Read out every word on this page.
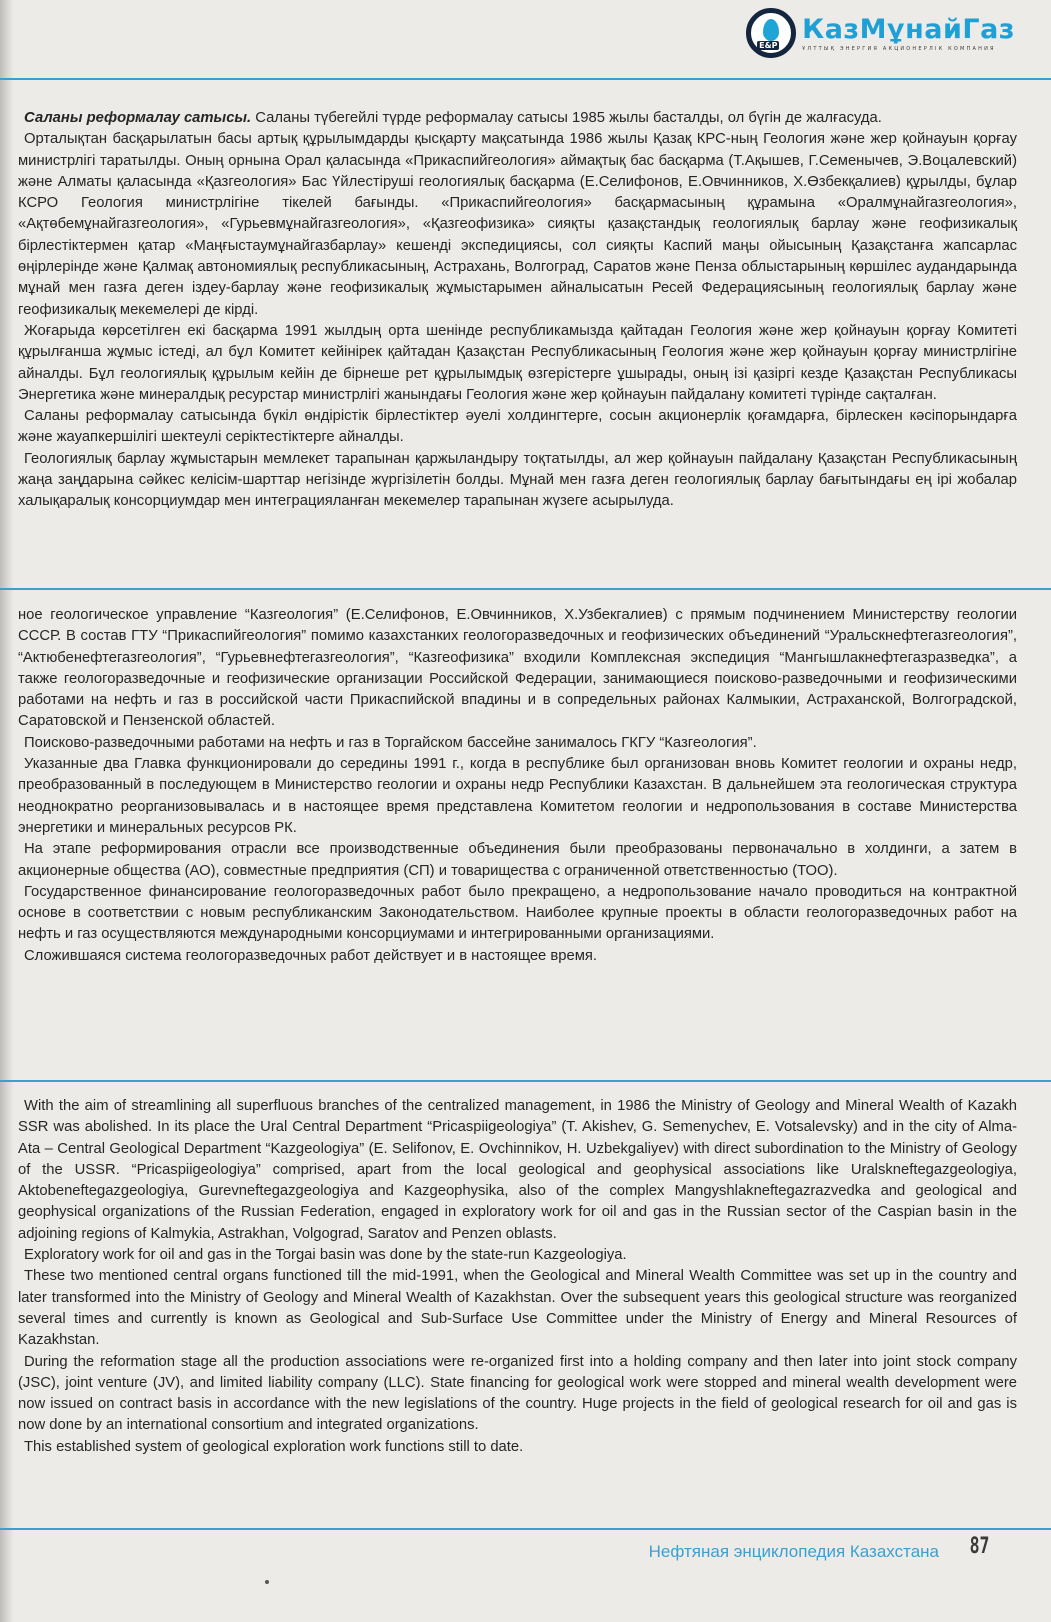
E&P
КазМұнайГаз
ҰЛТТЫҚ ЭНЕРГИЯ АКЦИОНЕРЛІК КОМПАНИЯ

Саланы реформалау сатысы. Саланы түбегейлі түрде реформалау сатысы 1985 жылы басталды, ол бүгін де жалғасуда.

Орталықтан басқарылатын басы артық құрылымдарды қысқарту мақсатында 1986 жылы Қазақ КРС-ның Геология және жер қойнауын қорғау министрлігі таратылды. Оның орнына Орал қаласында «Прикаспийгеология» аймақтық бас басқарма (Т.Ақышев, Г.Семенычев, Э.Воцалевский) және Алматы қаласында «Қазгеология» Бас Үйлестіруші геологиялық басқарма (Е.Селифонов, Е.Овчинников, Х.Өзбекқалиев) құрылды, бұлар КСРО Геология министрлігіне тікелей бағынды. «Прикаспийгеология» басқармасының құрамына «Оралмұнайгазгеология», «Ақтөбемұнайгазгеология», «Гурьевмұнайгазгеология», «Қазгеофизика» сияқты қазақстандық геологиялық барлау және геофизикалық бірлестіктермен қатар «Маңғыстаумұнайгазбарлау» кешенді экспедициясы, сол сияқты Каспий маңы ойысының Қазақстанға жапсарлас өңірлерінде және Қалмақ автономиялық республикасының, Астрахань, Волгоград, Саратов және Пенза облыстарының көршілес аудандарында мұнай мен газға деген іздеу-барлау және геофизикалық жұмыстарымен айналысатын Ресей Федерациясының геологиялық барлау және геофизикалық мекемелері де кірді.

Жоғарыда көрсетілген екі басқарма 1991 жылдың орта шенінде республикамызда қайтадан Геология және жер қойнауын қорғау Комитеті құрылғанша жұмыс істеді, ал бұл Комитет кейінірек қайтадан Қазақстан Республикасының Геология және жер қойнауын қорғау министрлігіне айналды. Бұл геологиялық құрылым кейін де бірнеше рет құрылымдық өзгерістерге ұшырады, оның ізі қазіргі кезде Қазақстан Республикасы Энергетика және минералдық ресурстар министрлігі жанындағы Геология және жер қойнауын пайдалану комитеті түрінде сақталған.

Саланы реформалау сатысында бүкіл өндірістік бірлестіктер әуелі холдингтерге, сосын акционерлік қоғамдарға, бірлескен кәсіпорындарға және жауапкершілігі шектеулі серіктестіктерге айналды.

Геологиялық барлау жұмыстарын мемлекет тарапынан қаржыландыру тоқтатылды, ал жер қойнауын пайдалану Қазақстан Республикасының жаңа заңдарына сәйкес келісім-шарттар негізінде жүргізілетін болды. Мұнай мен газға деген геологиялық барлау бағытындағы ең ірі жобалар халықаралық консорциумдар мен интеграцияланған мекемелер тарапынан жүзеге асырылуда.

ное геологическое управление “Казгеология” (Е.Селифонов, Е.Овчинников, Х.Узбекгалиев) с прямым подчинением Министерству геологии СССР. В состав ГТУ “Прикаспийгеология” помимо казахстанких геологоразведочных и геофизических объединений “Уральскнефтегазгеология”, “Актюбенефтегазгеология”, “Гурьевнефтегазгеология”, “Казгеофизика” входили Комплексная экспедиция “Мангышлакнефтегазразведка”, а также геологоразведочные и геофизические организации Российской Федерации, занимающиеся поисково-разведочными и геофизическими работами на нефть и газ в российской части Прикаспийской впадины и в сопредельных районах Калмыкии, Астраханской, Волгоградской, Саратовской и Пензенской областей.

Поисково-разведочными работами на нефть и газ в Торгайском бассейне занималось ГКГУ “Казгеология”.

Указанные два Главка функционировали до середины 1991 г., когда в республике был организован вновь Комитет геологии и охраны недр, преобразованный в последующем в Министерство геологии и охраны недр Республики Казахстан. В дальнейшем эта геологическая структура неоднократно реорганизовывалась и в настоящее время представлена Комитетом геологии и недропользования в составе Министерства энергетики и минеральных ресурсов РК.

На этапе реформирования отрасли все производственные объединения были преобразованы первоначально в холдинги, а затем в акционерные общества (АО), совместные предприятия (СП) и товарищества с ограниченной ответственностью (ТОО).

Государственное финансирование геологоразведочных работ было прекращено, а недропользование начало проводиться на контрактной основе в соответствии с новым республиканским Законодательством. Наиболее крупные проекты в области геологоразведочных работ на нефть и газ осуществляются международными консорциумами и интегрированными организациями.

Сложившаяся система геологоразведочных работ действует и в настоящее время.

With the aim of streamlining all superfluous branches of the centralized management, in 1986 the Ministry of Geology and Mineral Wealth of Kazakh SSR was abolished. In its place the Ural Central Department “Pricaspiigeologiya” (T. Akishev, G. Semenychev, E. Votsalevsky) and in the city of Alma-Ata – Central Geological Department “Kazgeologiya” (E. Selifonov, E. Ovchinnikov, H. Uzbekgaliyev) with direct subordination to the Ministry of Geology of the USSR. “Pricaspiigeologiya” comprised, apart from the local geological and geophysical associations like Uralskneftegazgeologiya, Aktobeneftegazgeologiya, Gurevneftegazgeologiya and Kazgeophysika, also of the complex Mangyshlakneftegazrazvedka and geological and geophysical organizations of the Russian Federation, engaged in exploratory work for oil and gas in the Russian sector of the Caspian basin in the adjoining regions of Kalmykia, Astrakhan, Volgograd, Saratov and Penzen oblasts.

Exploratory work for oil and gas in the Torgai basin was done by the state-run Kazgeologiya.

These two mentioned central organs functioned till the mid-1991, when the Geological and Mineral Wealth Committee was set up in the country and later transformed into the Ministry of Geology and Mineral Wealth of Kazakhstan. Over the subsequent years this geological structure was reorganized several times and currently is known as Geological and Sub-Surface Use Committee under the Ministry of Energy and Mineral Resources of Kazakhstan.

During the reformation stage all the production associations were re-organized first into a holding company and then later into joint stock company (JSC), joint venture (JV), and limited liability company (LLC). State financing for geological work were stopped and mineral wealth development were now issued on contract basis in accordance with the new legislations of the country. Huge projects in the field of geological research for oil and gas is now done by an international consortium and integrated organizations.

This established system of geological exploration work functions still to date.

Нефтяная энциклопедия Казахстана 87
